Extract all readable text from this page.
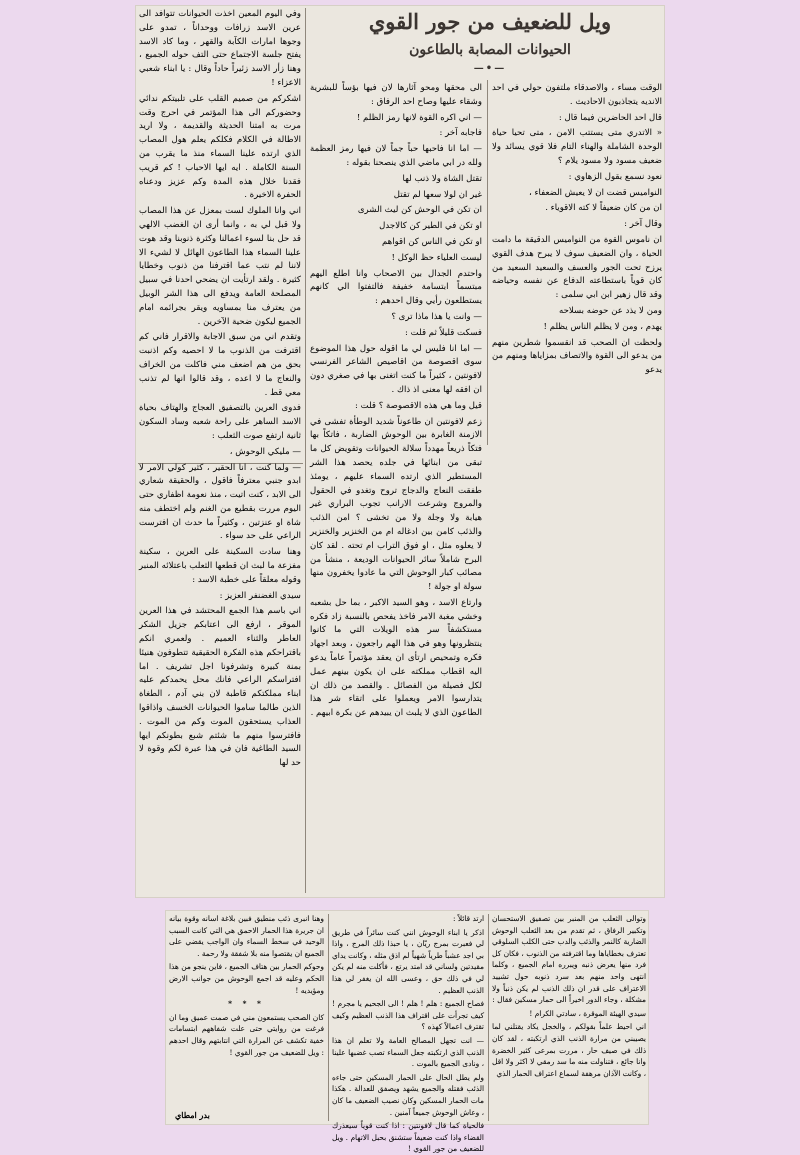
ويل للضعيف من جور القوي
الحيوانات المصابة بالطاعون
—•—

الوقت مساء ، والاصدقاء ملتفون حولي في احد الانديه يتجاذبون الاحاديث .

قال احد الحاضرين فيما قال :

« الاتدري متى يستتب الامن ، متى تحيا حياة الوحدة الشاملة والهناء التام فلا قوي يسائد ولا ضعيف مسود ولا مسود يلام ؟

نعود نسمع بقول الزهاوي :

النواميس قضت ان لا يعيش الضعفاء ،

ان من كان ضعيفاً لا كته الاقوياء .

وقال آخر :

ان ناموس القوة من النواميس الدقيقة ما دامت الحياة ، وان الضعيف سوف لا يبرح هدف القوي يرزح تحت الجور والعسف والسعيد السعيد من كان قوياً باستطاعته الدفاع عن نفسه وحياضه وقد قال زهير ابن ابي سلمى :

ومن لا يذد عن حوضه بسلاحه

يهدم ، ومن لا يظلم الناس يظلم !

ولحظت ان الصحب قد انقسموا شطرين منهم من يدعو الى القوة والاتصاف بمزاياها ومنهم من يدعو

الى محقها ومحو آثارها لان فيها بؤساً للبشرية وشقاء عليها وصاح احد الرفاق :

— اني اكره القوة لانها رمز الظلم !

فاجابه آخر :

— اما انا فاحبها حباً جماً لان فيها رمز العظمة ولله در ابي ماضي الذي ينصحنا بقوله :

تقتل الشاة ولا ذنب لها

غير ان لولا سعها لم تقتل

ان تكن في الوحش كن ليث الشرى

او تكن في الطير كن كالاجدل

او تكن في الناس كن اقواهم

ليست العلياء حظ الوكل !

واحتدم الجدال بين الاصحاب وانا اطلع اليهم مبتسماً ابتسامة خفيفة فالتفتوا الي كانهم يستطلعون رأيي وقال احدهم :

— وانت يا هذا ماذا ترى ؟

فسكت قليلاً ثم قلت :

— اما انا فليس لي ما اقوله حول هذا الموضوع سوى اقصوصة من اقاصيص الشاعر الفرنسي لافونتين ، كثيراً ما كنت اتغنى بها في صغري دون ان افقه لها معنى اذ ذاك .

قيل وما هي هذه الاقصوصة ؟ قلت :

زعم لافونتين ان طاعوناً شديد الوطأة تفشى في الازمنة الغابرة بين الوحوش الضاربة ، فاتكاً بها فتكاً ذريعاً مهدداً سلالة الحيوانات وتقويض كل ما تبقى من ابنائها في جلده يحصد هذا الشر المستطير الذي ارتده السماء عليهم ، يومئذ طفقت النعاج والدجاج تروح وتغدو في الحقول والمروج وشرعت الارانب تجوب البراري غير هيابة ولا وجلة ولا من تخشى ؟ امن الذئب والذئب كامن بين ادغاله ام من الخنزير والخنزير لا يعلوه مثل ، او فوق التراب ام تحته . لقد كان البرح شاملاً سائر الحيوانات الوديعة ، منشأ من مصائب كبار الوحوش التي ما عادوا يخفرون منها سولة او جولة !

وارتاع الاسد ، وهو السيد الاكبر ، بما حل بشعبه وخشي مغبة الامر فاخذ يفحص بالنسبة زاد فكره مستكشفاً سر هذه الويلات التي ما كانوا ينتظرونها وهو في هذا الهم راجعون ، وبعد اجهاد فكره وتمحيص ارتأى ان يعقد مؤتمراً عاماً يدعو اليه اقطاب مملكته على ان يكون بينهم عمل لكل فصيلة من الفصائل . والقصد من ذلك ان يتدارسوا الامر ويعملوا على اتقاء شر هذا الطاعون الذي لا يلبث ان يبيدهم عن بكرة ابيهم .

وفي اليوم المعين اخذت الحيوانات تتوافد الى عرين الاسد زرافات ووحداناً ، تمدو على وجوها امارات الكآبة والقهر ، وما كاد الاسد يفتح جلسة الاجتماع حتى التف حوله الجميع ، وهنا زأر الاسد زئيراً حاداً وقال : يا ابناء شعبي الاعزاء !

اشكركم من صميم القلب على تلبيتكم ندائي وحضوركم الى هذا المؤتمر في احرج وقت مرت به امتنا الحديثة والقديمة ، ولا اريد الاطالة في الكلام فكلكم يعلم هول المصاب الذي ارتده علينا السماء منذ ما يقرب من السنة الكاملة . ايه ايها الاحباب ! كم قريب فقدنا خلال هذه المدة وكم عزيز ودعناه الحفرة الاخيرة .

اني وانا الملوك لست بمعزل عن هذا المصاب ولا قبل لي به ، وانما أرى ان الغضب الالهي قد حل بنا لسوء اعمالنا وكثرة ذنوبنا وقد هوت علينا السماء هذا الطاعون الهائل لا لشيء الا لاننا لم نتب عما اقترفنا من ذنوب وخطايا كثيرة . ولقد ارتأيت ان يضحي احدنا في سبيل المصلحة العامة ويدفع الى هذا الشر الوبيل من يعترف منا بمساويه ويقر بجرائمه امام الجميع ليكون ضحية الآخرين .

وتقدم اني من سبق الاجابة والاقرار فاني كم اقترفت من الذنوب ما لا احصيه وكم اذنبت بحق من هم اضعف مني فاكلت من الخراف والنعاج ما لا اعده ، وقد قالوا انها لم تذنب معي قط .

فدوى العرين بالتصفيق العجاج والهتاف بحياة الاسد الساهر على راحة شعبه وساد السكون ثانية ارتفع صوت الثعلب :

— مليكي الوحوش ،

— ولما كنت ، انا الحقير ، كثير كولي الامر لا ابدو جنبي معترفاً فاقول ، والحقيقة شعاري الى الابد ، كنت اتيت ، منذ نعومة اظفاري حتى اليوم مررت بقطيع من الغنم ولم اختطف منه شاة او عنزتين ، وكثيراً ما حدث ان افترست الراعي على حد سواء .

وهنا سادت السكينة على العرين ، سكينة مفزعة ما لبث ان قطعها الثعلب باعتلائه المنبر وقوله معلقاً على خطبة الاسد :

سيدي الغضنفر العزيز :

اني باسم هذا الجمع المحتشد في هذا العرين الموقر ، ارفع الى اعتابكم جزيل الشكر العاطر والثناء العميم . ولعمري انكم باقتراحكم هذه الفكرة الحقيقية تتطوفون هنيئا بمنة كبيرة وتشرفونا اجل تشريف . اما افتراسكم الراعي فانك محل يحمدكم عليه ابناء مملكتكم قاطبة لان بني آدم ، الطغاة الذين طالما ساموا الحيوانات الخسف واذاقوا العذاب يستحقون الموت وكم من الموت . فافترسوا منهم ما شئتم شبع بطونكم ايها السيد الطاغية فان في هذا عبرة لكم وقوة لا حد لها

وتوالى الثعلب من المنبر بين تصفيق الاستحسان وتكبير الرفاق ، ثم تقدم من بعد الثعلب الوحوش الضارية كالنمر والذئب والدب حتى الكلب السلوقي تعترف بخطاياها وما اقترفته من الذنوب ، فكان كل فرد منها يعرض ذنبه ويبرره امام الجميع ، وكلما انتهى واحد منهم بعد سرد ذنوبه حول تشييد الاعتراف على قدر ان ذلك الذنب لم يكن ذنباً ولا مشكلة ، وجاء الدور اخيراً الى حمار مسكين فقال :

سيدي الهيئة الموقرة ، سادتي الكرام !

اني احيط علماً بقولكم ، والخجل يكاد يقتلني لما يصيبني من مرارة الذنب الذي ارتكبته ، لقد كان ذلك في صيف حار ، مررت بمرعى كثير الخضرة وانا جائع ، فتناولت منه ما سد رمقي لا اكثر ولا اقل ، وكانت الآذان مرهفة لسماع اعتراف الحمار الذي

ارتد قائلاً :

اذكر يا ابناء الوحوش انني كنت سائراً في طريق لي فعبرت بمرج ريّان ، يا حبذا ذلك المرج ، واذا بي اجد عشباً طرياً شهياً لم اذق مثله ، وكانت يداي مقيدتين ولساني قد امتد يرتع ، فأكلت منه لم يكن لي في ذلك حق ، وعسى الله ان يغفر لي هذا الذنب العظيم .

فصاح الجميع : هلم ! هلم ! الى الجحيم يا مجرم ! كيف تجرأت على اقتراف هذا الذنب العظيم وكيف تقترف اعمالاً كهذه ؟

— انت تجهل المصالح العامة ولا تعلم ان هذا الذنب الذي ارتكبته جعل السماء تصب غضبها علينا ، ونادى الجميع بالموت .

ولم يطل الحال على الحمار المسكين حتى جاءه الذئب فقتله والجميع يشهد ويصفق للعدالة . هكذا مات الحمار المسكين وكان نصيب الضعيف ما كان ، وعاش الوحوش جميعاً آمنين .

فالحياة كما قال لافونتين : اذا كنت قوياً سيعذرك القضاء واذا كنت ضعيفاً ستشنق بحبل الاتهام . ويل للضعيف من جور القوي !

وهنا انبرى ذئب منطيق فبين بلاغة اسانه وقوة بيانه ان جريرة هذا الحمار الاحمق هي التي كانت السبب الوحيد في سخط السماء وان الواجب يقضي على الجميع ان يقتصوا منه بلا شفقة ولا رحمة .

وحوكم الحمار بين هتاف الجميع ، فاين ينجو من هذا الحكم وعليه قد اجمع الوحوش من جوانب الارض ومؤيديه !

* * *

كان الصحب يستمعون مني في صمت عميق وما ان فرغت من روايتي حتى علت شفاههم ابتسامات خفية تكشف عن المرارة التي انتابتهم وقال احدهم : ويل للضعيف من جور القوي !

بدر امطاي
